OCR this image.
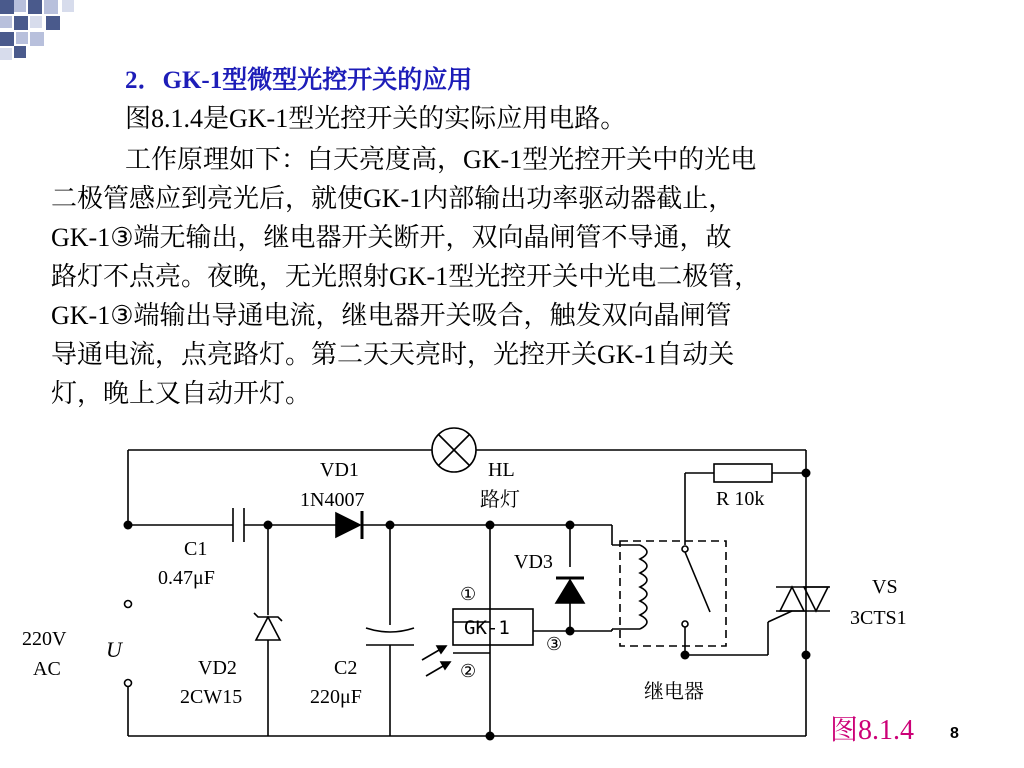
2．GK-1型微型光控开关的应用
图8.1.4是GK-1型光控开关的实际应用电路。
工作原理如下：白天亮度高，GK-1型光控开关中的光电
二极管感应到亮光后，就使GK-1内部输出功率驱动器截止，
GK-1③端无输出，继电器开关断开，双向晶闸管不导通，故
路灯不点亮。夜晚，无光照射GK-1型光控开关中光电二极管，
GK-1③端输出导通电流，继电器开关吸合，触发双向晶闸管
导通电流，点亮路灯。第二天天亮时，光控开关GK-1自动关
灯，晚上又自动开灯。
VD1
1N4007
HL
路灯	R 10k
C1
0.47μF
VD3
①
②
③
GK-1
VS
3CTS1
220V
AC
U
VD2
2CW15
C2
220μF	继电器
图8.1.4 8
